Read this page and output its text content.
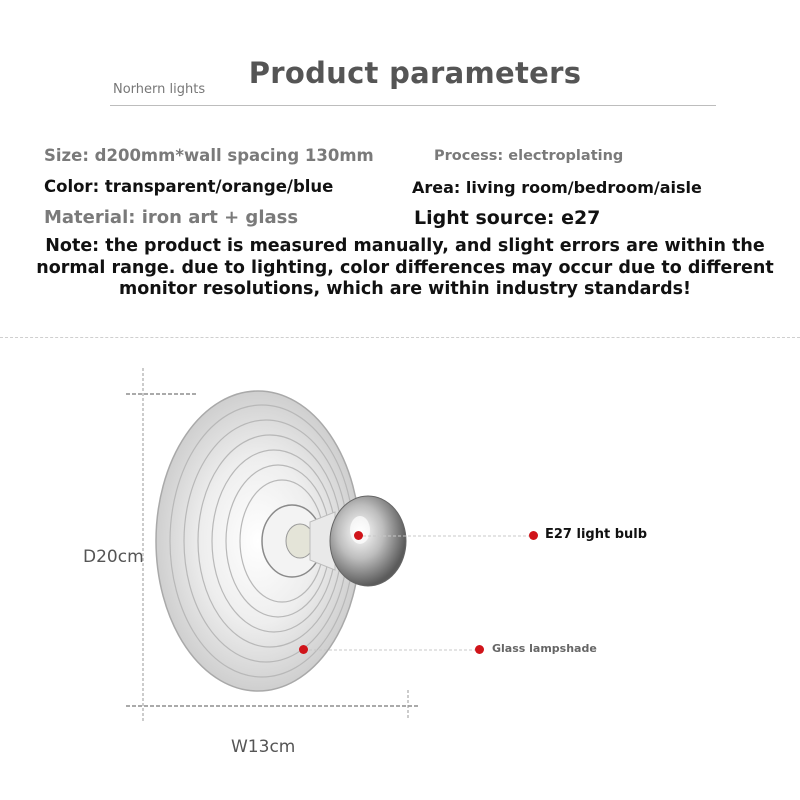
Norhern lights	Product parameters
Size: d200mm*wall spacing 130mm	Process: electroplating
Color: transparent/orange/blue	Area: living room/bedroom/aisle
Material: iron art + glass	Light source: e27
Note: the product is measured manually, and slight errors are within the normal range. due to lighting, color differences may occur due to different monitor resolutions, which are within industry standards!
E27 light bulb
Glass lampshade
D20cm
W13cm
